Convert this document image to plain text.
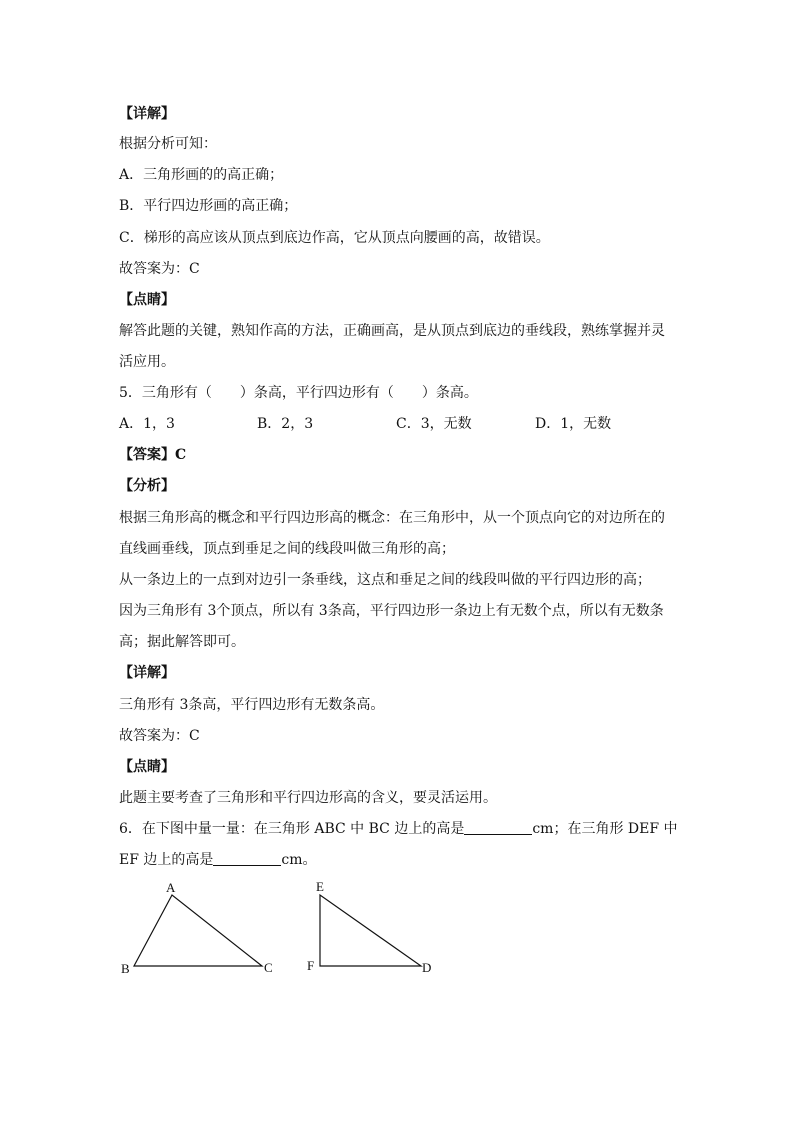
【详解】
根据分析可知：
A．三角形画的的高正确；
B．平行四边形画的高正确；
C．梯形的高应该从顶点到底边作高，它从顶点向腰画的高，故错误。
故答案为：C
【点睛】
解答此题的关键，熟知作高的方法，正确画高，是从顶点到底边的垂线段，熟练掌握并灵
活应用。
5．三角形有（　　）条高，平行四边形有（　　）条高。
A．1，3	B．2，3	C．3，无数	D．1，无数
【答案】C
【分析】
根据三角形高的概念和平行四边形高的概念：在三角形中，从一个顶点向它的对边所在的
直线画垂线，顶点到垂足之间的线段叫做三角形的高；
从一条边上的一点到对边引一条垂线，这点和垂足之间的线段叫做的平行四边形的高；
因为三角形有 3个顶点，所以有 3条高，平行四边形一条边上有无数个点，所以有无数条
高；据此解答即可。
【详解】
三角形有 3条高，平行四边形有无数条高。
故答案为：C
【点睛】
此题主要考查了三角形和平行四边形高的含义，要灵活运用。
6．在下图中量一量：在三角形 ABC 中 BC 边上的高是	cm；在三角形 DEF 中
EF 边上的高是	cm。
A
B	C
E
F	D
